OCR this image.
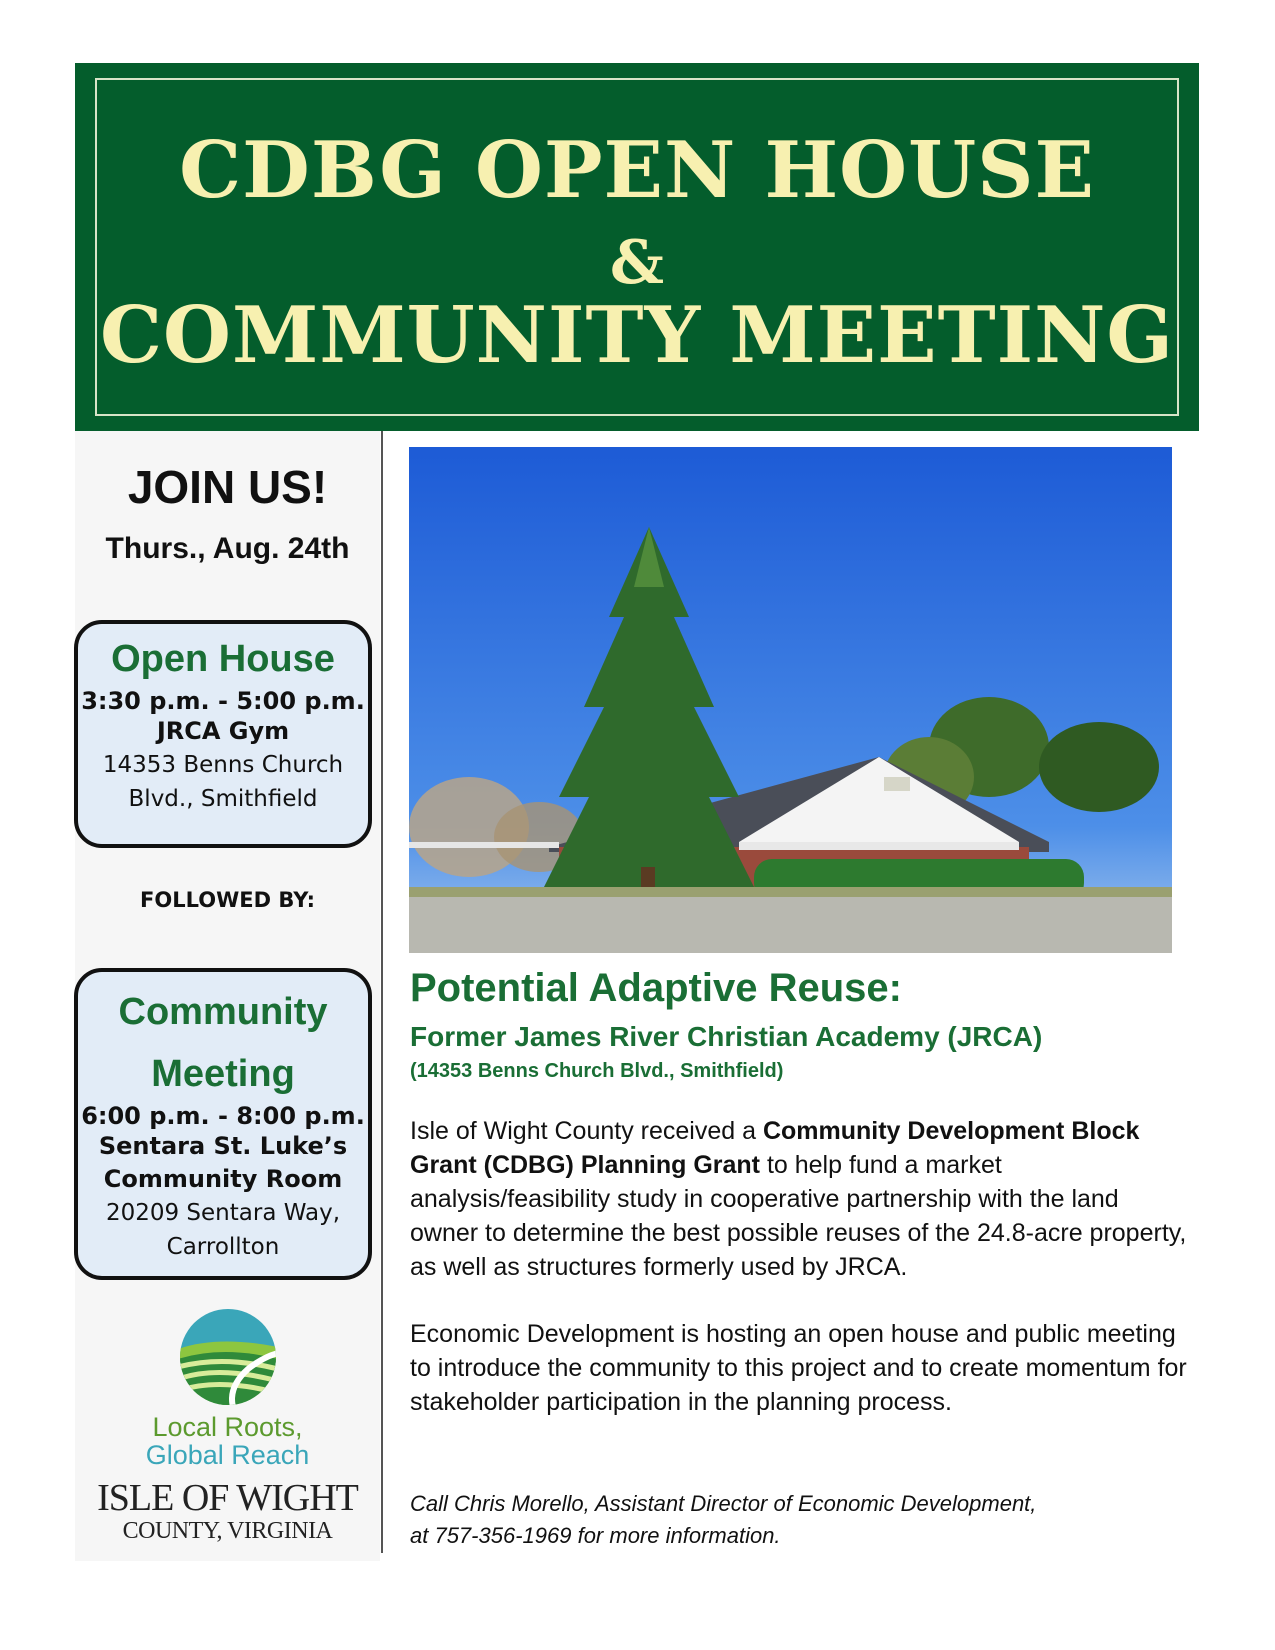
CDBG OPEN HOUSE
&
COMMUNITY MEETING
JOIN US!
Thurs., Aug. 24th
Open House
3:30 p.m. - 5:00 p.m.
JRCA Gym
14353 Benns Church
Blvd., Smithfield
FOLLOWED BY:
Community
Meeting
6:00 p.m. - 8:00 p.m.
Sentara St. Luke’s
Community Room
20209 Sentara Way,
Carrollton
Local Roots,
Global Reach
ISLE OF WIGHT
COUNTY, VIRGINIA
Potential Adaptive Reuse:
Former James River Christian Academy (JRCA)
(14353 Benns Church Blvd., Smithfield)

Isle of Wight County received a Community Development Block Grant (CDBG) Planning Grant to help fund a market analysis/feasibility study in cooperative partnership with the land owner to determine the best possible reuses of the 24.8-acre property, as well as structures formerly used by JRCA.

Economic Development is hosting an open house and public meeting to introduce the community to this project and to create momentum for stakeholder participation in the planning process.

Call Chris Morello, Assistant Director of Economic Development,
at 757-356-1969 for more information.
